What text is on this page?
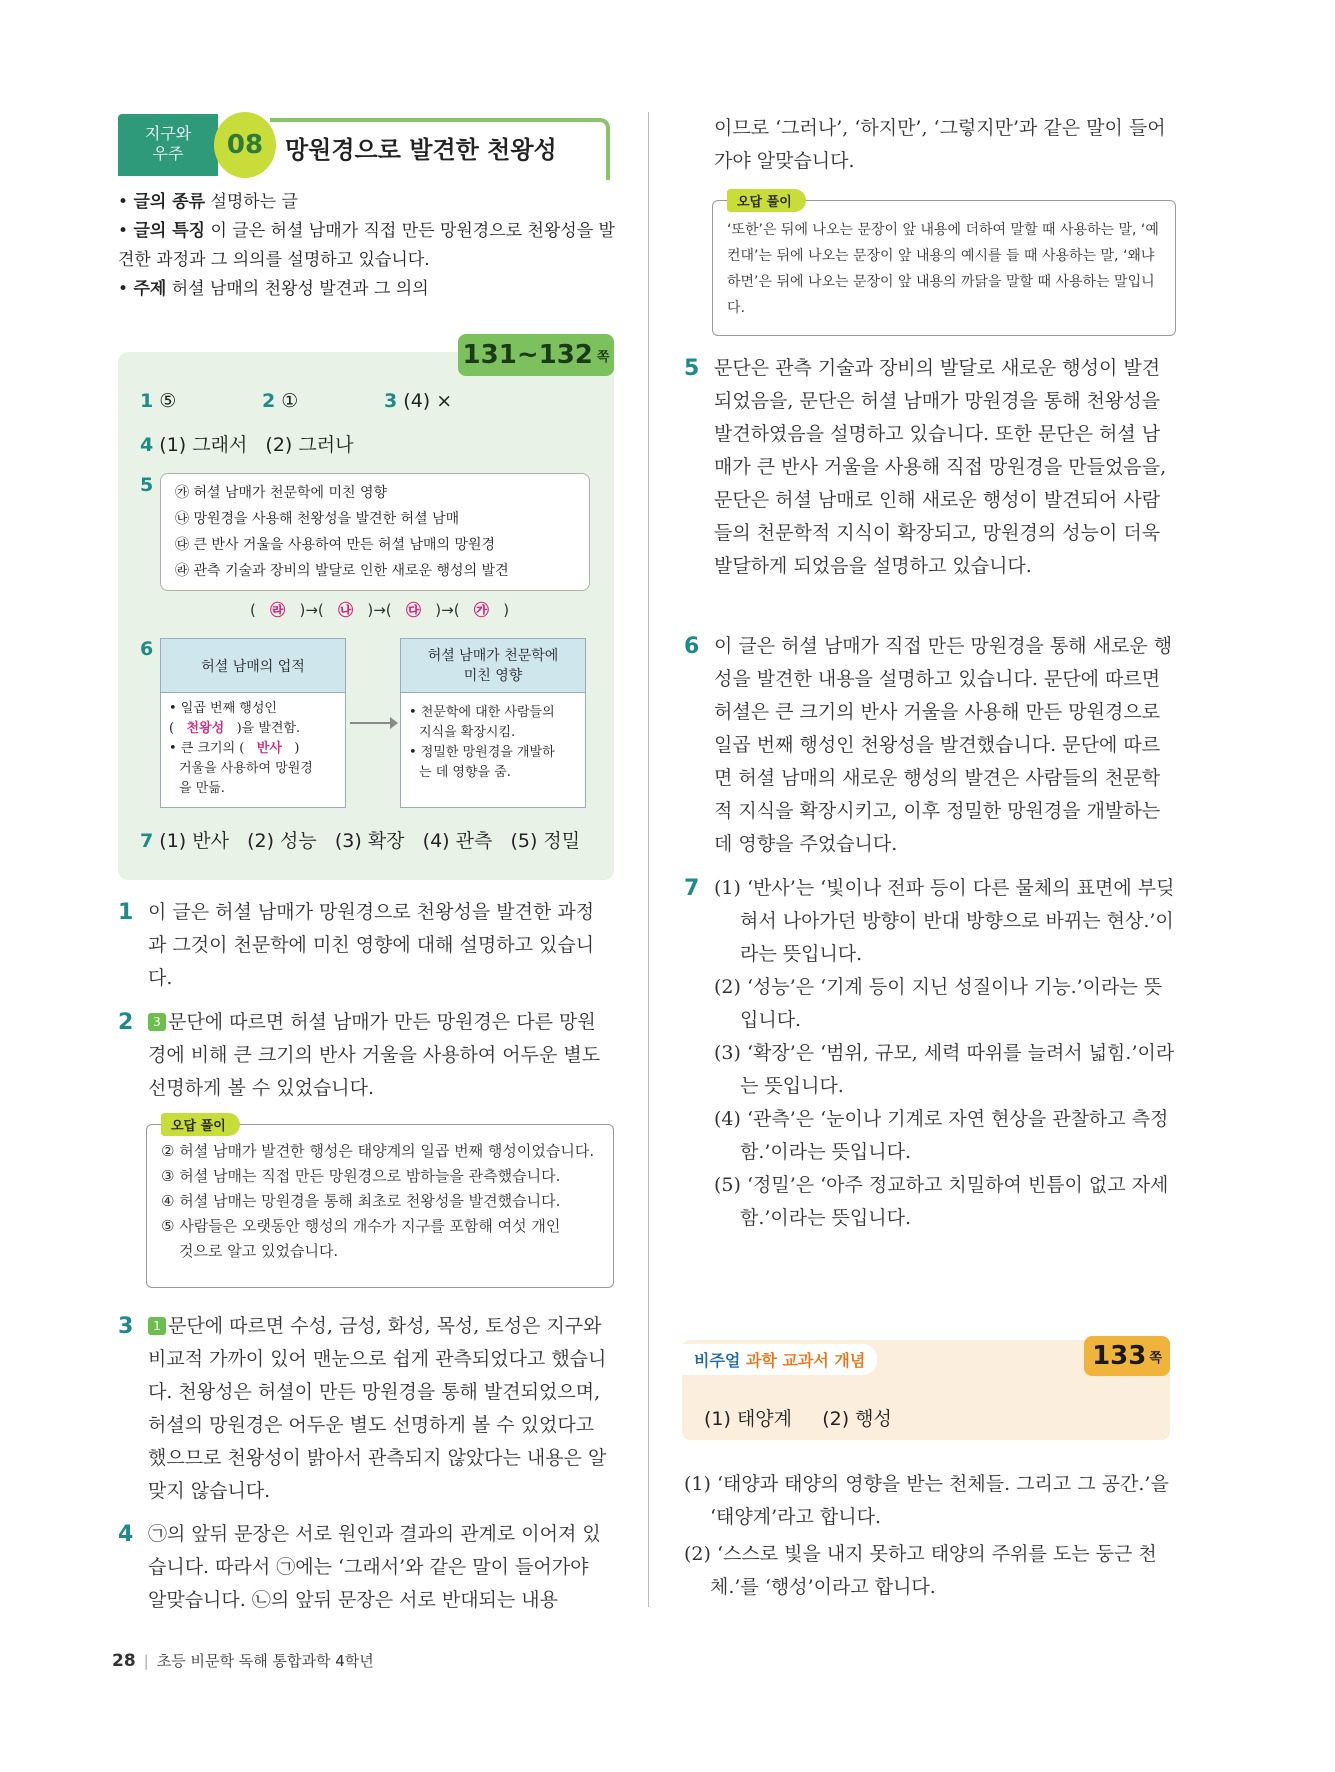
지구와
우주	08 망원경으로 발견한 천왕성
• 글의 종류 설명하는 글
• 글의 특징 이 글은 허셜 남매가 직접 만든 망원경으로 천왕성을 발견한 과정과 그 의의를 설명하고 있습니다.
• 주제 허셜 남매의 천왕성 발견과 그 의의
131~132 쪽
1 ⑤	2 ①	3 (4) ×
4 (1) 그래서 (2) 그러나
5 ㉮ 허셜 남매가 천문학에 미친 영향
㉯ 망원경을 사용해 천왕성을 발견한 허셜 남매
㉰ 큰 반사 거울을 사용하여 만든 허셜 남매의 망원경
㉱ 관측 기술과 장비의 발달로 인한 새로운 행성의 발견
(   ㉱   )→(   ㉯   )→(   ㉰   )→(   ㉮   )
6
허셜 남매의 업적
• 일곱 번째 행성인
( 천왕성 )을 발견함.
• 큰 크기의 ( 반사 )
거울을 사용하여 망원경
을 만듦.
허셜 남매가 천문학에
미친 영향
• 천문학에 대한 사람들의
지식을 확장시킴.
• 정밀한 망원경을 개발하
는 데 영향을 줌.
7 (1) 반사 (2) 성능 (3) 확장 (4) 관측 (5) 정밀
1 이 글은 허셜 남매가 망원경으로 천왕성을 발견한 과정과 그것이 천문학에 미친 영향에 대해 설명하고 있습니다.
2 3 문단에 따르면 허셜 남매가 만든 망원경은 다른 망원경에 비해 큰 크기의 반사 거울을 사용하여 어두운 별도 선명하게 볼 수 있었습니다.
오답 풀이
② 허셜 남매가 발견한 행성은 태양계의 일곱 번째 행성이었습니다.
③ 허셜 남매는 직접 만든 망원경으로 밤하늘을 관측했습니다.
④ 허셜 남매는 망원경을 통해 최초로 천왕성을 발견했습니다.
⑤ 사람들은 오랫동안 행성의 개수가 지구를 포함해 여섯 개인
것으로 알고 있었습니다.
3 1 문단에 따르면 수성, 금성, 화성, 목성, 토성은 지구와 비교적 가까이 있어 맨눈으로 쉽게 관측되었다고 했습니다. 천왕성은 허셜이 만든 망원경을 통해 발견되었으며, 허셜의 망원경은 어두운 별도 선명하게 볼 수 있었다고 했으므로 천왕성이 밝아서 관측되지 않았다는 내용은 알맞지 않습니다.
4 ㉠의 앞뒤 문장은 서로 원인과 결과의 관계로 이어져 있습니다. 따라서 ㉠에는 ‘그래서’와 같은 말이 들어가야 알맞습니다. ㉡의 앞뒤 문장은 서로 반대되는 내용
이므로 ‘그러나’, ‘하지만’, ‘그렇지만’과 같은 말이 들어가야 알맞습니다.
오답 풀이
‘또한’은 뒤에 나오는 문장이 앞 내용에 더하여 말할 때 사용하는 말, ‘예컨대’는 뒤에 나오는 문장이 앞 내용의 예시를 들 때 사용하는 말, ‘왜냐하면’은 뒤에 나오는 문장이 앞 내용의 까닭을 말할 때 사용하는 말입니다.
5 문단은 관측 기술과 장비의 발달로 새로운 행성이 발견되었음을, 문단은 허셜 남매가 망원경을 통해 천왕성을 발견하였음을 설명하고 있습니다. 또한 문단은 허셜 남매가 큰 반사 거울을 사용해 직접 망원경을 만들었음을, 문단은 허셜 남매로 인해 새로운 행성이 발견되어 사람들의 천문학적 지식이 확장되고, 망원경의 성능이 더욱 발달하게 되었음을 설명하고 있습니다.
6 이 글은 허셜 남매가 직접 만든 망원경을 통해 새로운 행성을 발견한 내용을 설명하고 있습니다. 문단에 따르면 허셜은 큰 크기의 반사 거울을 사용해 만든 망원경으로 일곱 번째 행성인 천왕성을 발견했습니다. 문단에 따르면 허셜 남매의 새로운 행성의 발견은 사람들의 천문학적 지식을 확장시키고, 이후 정밀한 망원경을 개발하는 데 영향을 주었습니다.
7 (1) ‘반사’는 ‘빛이나 전파 등이 다른 물체의 표면에 부딪혀서 나아가던 방향이 반대 방향으로 바뀌는 현상.’이라는 뜻입니다.
(2) ‘성능’은 ‘기계 등이 지닌 성질이나 기능.’이라는 뜻입니다.
(3) ‘확장’은 ‘범위, 규모, 세력 따위를 늘려서 넓힘.’이라는 뜻입니다.
(4) ‘관측’은 ‘눈이나 기계로 자연 현상을 관찰하고 측정함.’이라는 뜻입니다.
(5) ‘정밀’은 ‘아주 정교하고 치밀하여 빈틈이 없고 자세함.’이라는 뜻입니다.
비주얼 과학 교과서 개념	133 쪽
(1) 태양계 (2) 행성
(1) ‘태양과 태양의 영향을 받는 천체들. 그리고 그 공간.’을 ‘태양계’라고 합니다.
(2) ‘스스로 빛을 내지 못하고 태양의 주위를 도는 둥근 천체.’를 ‘행성’이라고 합니다.
28 | 초등 비문학 독해 통합과학 4학년
